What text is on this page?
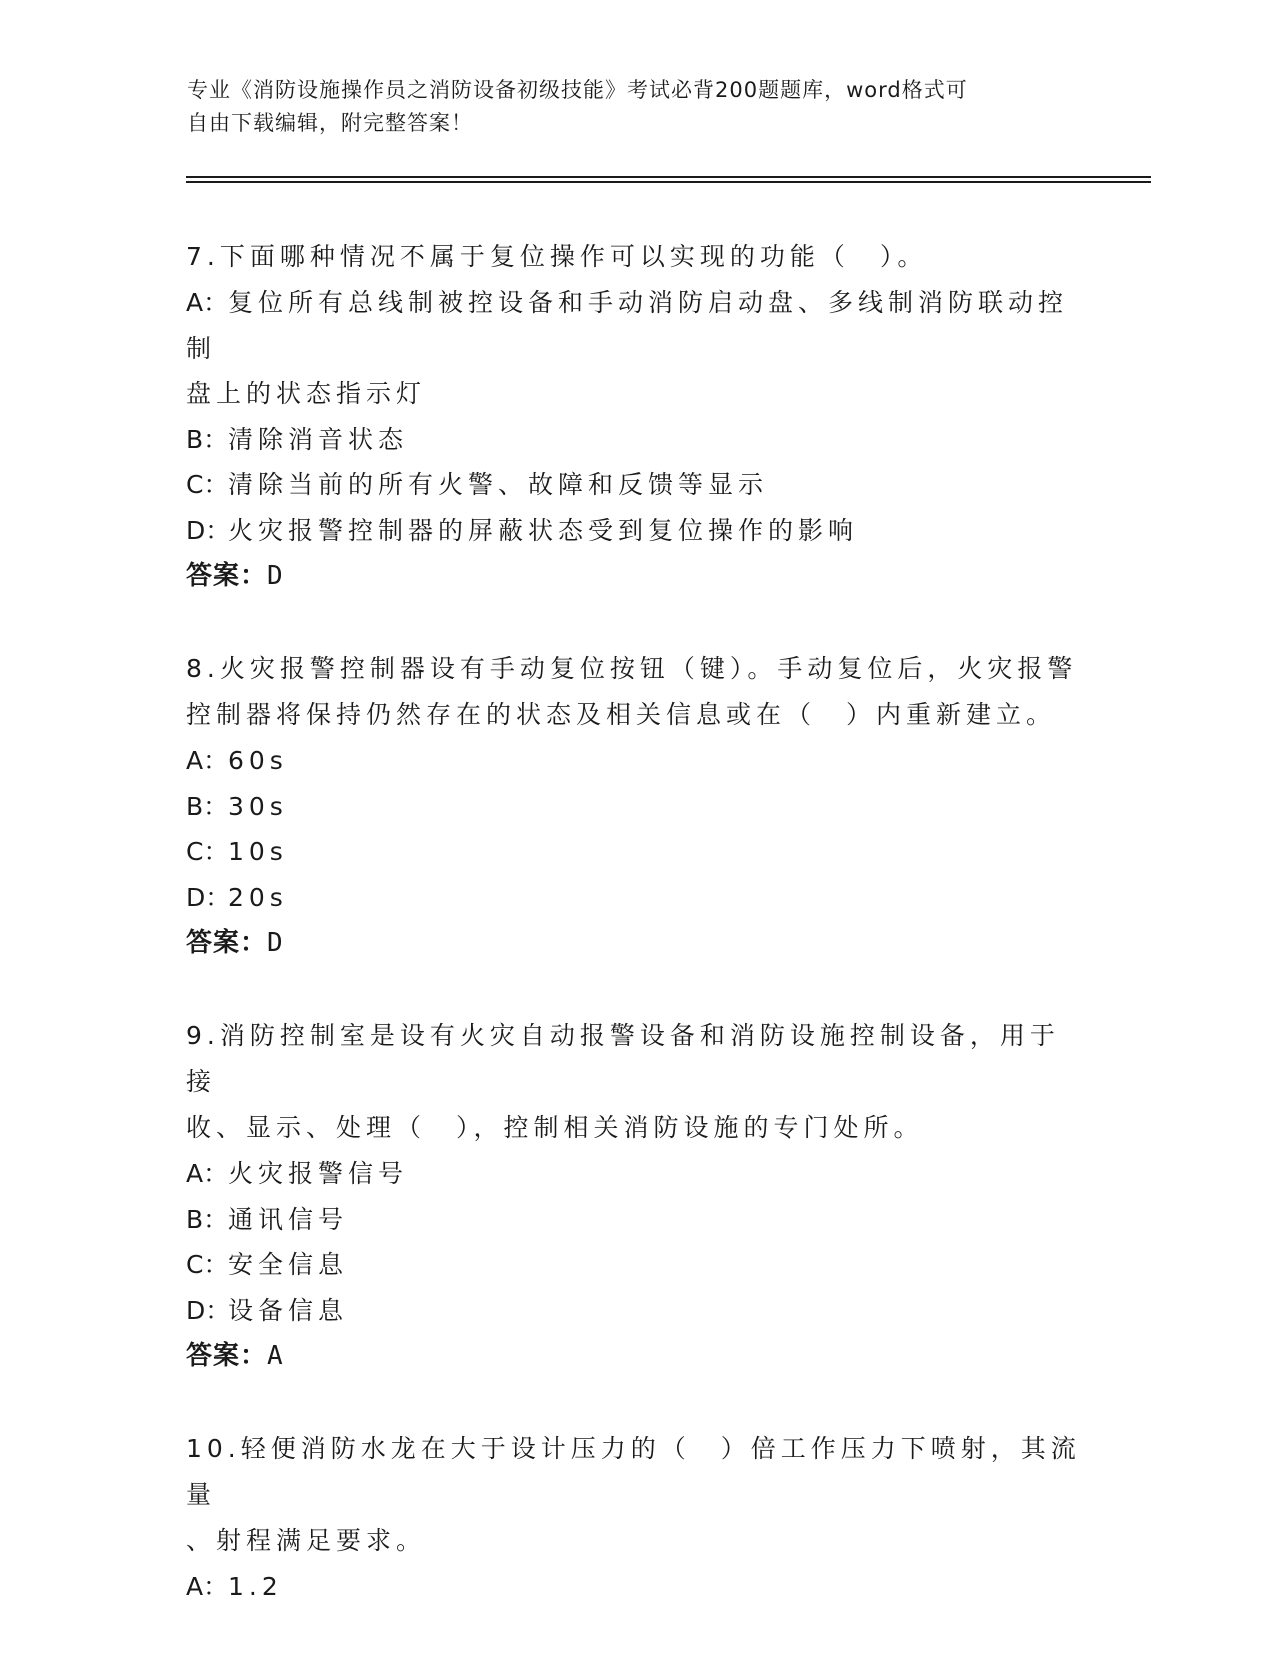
专业《消防设施操作员之消防设备初级技能》考试必背200题题库，word格式可
自由下载编辑，附完整答案！
7.下面哪种情况不属于复位操作可以实现的功能（　）。
A：复位所有总线制被控设备和手动消防启动盘、多线制消防联动控制
盘上的状态指示灯
B：清除消音状态
C：清除当前的所有火警、故障和反馈等显示
D：火灾报警控制器的屏蔽状态受到复位操作的影响
答案：D
8.火灾报警控制器设有手动复位按钮（键）。手动复位后，火灾报警
控制器将保持仍然存在的状态及相关信息或在（　）内重新建立。
A：60s
B：30s
C：10s
D：20s
答案：D
9.消防控制室是设有火灾自动报警设备和消防设施控制设备，用于接
收、显示、处理（　），控制相关消防设施的专门处所。
A：火灾报警信号
B：通讯信号
C：安全信息
D：设备信息
答案：A
10.轻便消防水龙在大于设计压力的（　）倍工作压力下喷射，其流量
、射程满足要求。
A：1.2
